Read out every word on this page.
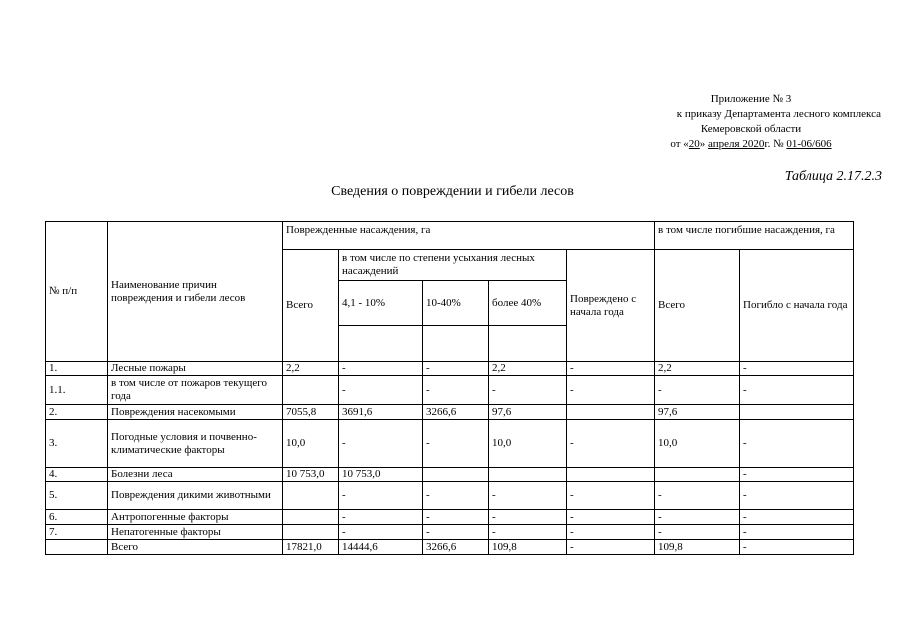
Приложение № 3
к приказу Департамента лесного комплекса
Кемеровской области
от «20» апреля 2020г. № 01-06/606
Таблица 2.17.2.3
Сведения о повреждении и гибели лесов
№ п/п	Наименование причин повреждения и гибели лесов	Поврежденные насаждения, га					в том числе погибшие насаждения, га	
		Всего	в том числе по степени усыхания лесных насаждений			Повреждено с начала года	Всего	Погибло с начала года
			4,1 - 10%	10-40%	более 40%			

1.	Лесные пожары	2,2	-	-	2,2	-	2,2	-
1.1.	в том числе от пожаров текущего года		-	-	-	-	-	-
2.	Повреждения насекомыми	7055,8	3691,6	3266,6	97,6		97,6	
3.	Погодные условия и почвенно-климатические факторы	10,0	-	-	10,0	-	10,0	-
4.	Болезни леса	10 753,0	10 753,0					-
5.	Повреждения дикими животными		-	-	-	-	-	-
6.	Антропогенные факторы		-	-	-	-	-	-
7.	Непатогенные факторы		-	-	-	-	-	-
	Всего	17821,0	14444,6	3266,6	109,8	-	109,8	-
